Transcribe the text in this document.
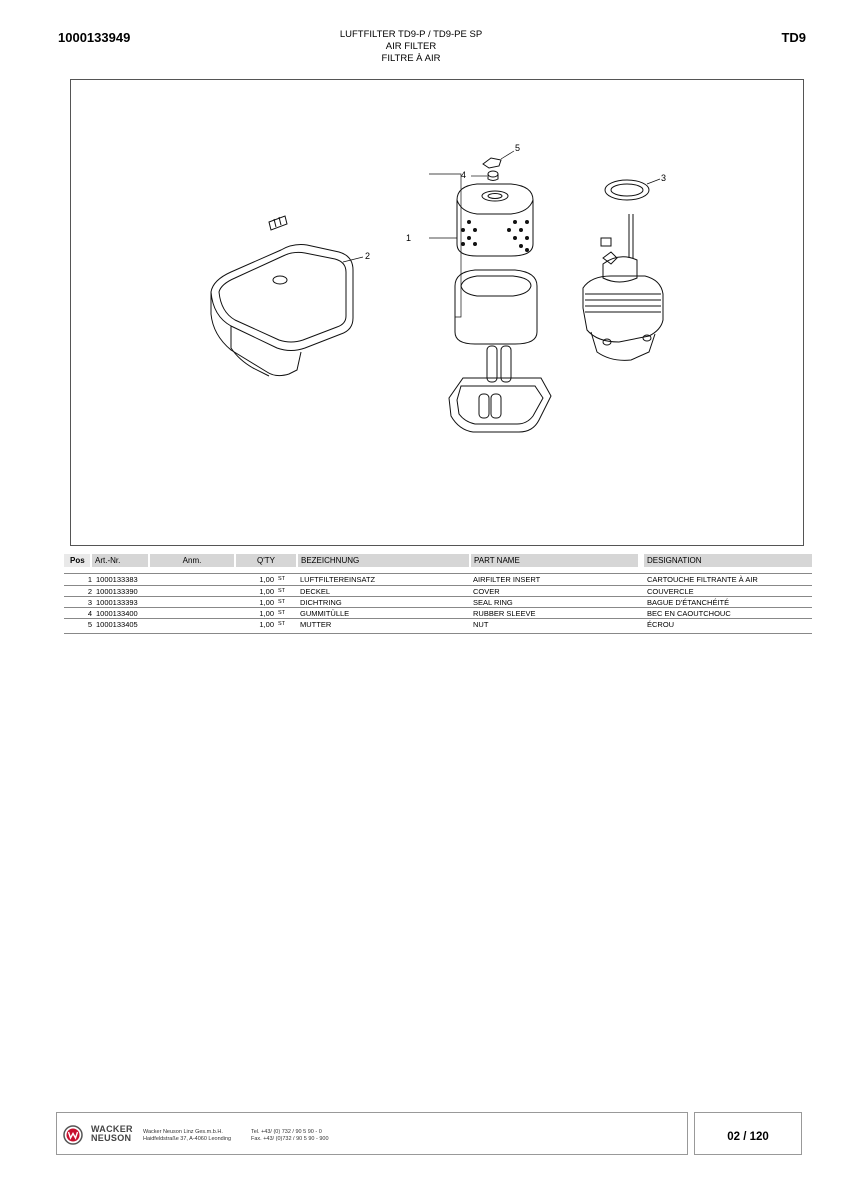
1000133949	LUFTFILTER TD9-P / TD9-PE SP
AIR FILTER
FILTRE À AIR
TD9
1
2
3
4
5
Pos	Art.-Nr.	Anm.	Q'TY	BEZEICHNUNG	PART NAME	DESIGNATION
1 1000133383	1,00 ST LUFTFILTEREINSATZ	AIRFILTER INSERT	CARTOUCHE FILTRANTE À AIR
2 1000133390	1,00 ST DECKEL	COVER	COUVERCLE
3 1000133393	1,00 ST DICHTRING	SEAL RING	BAGUE D'ÉTANCHÉITÉ
4 1000133400	1,00 ST GUMMITÜLLE	RUBBER SLEEVE	BEC EN CAOUTCHOUC
5 1000133405	1,00 ST MUTTER	NUT	ÉCROU
WACKER
NEUSON
Wacker Neuson Linz Ges.m.b.H.
Haidfeldstraße 37, A-4060 Leonding
Tel. +43/ (0) 732 / 90 5 90 - 0
Fax. +43/ (0)732 / 90 5 90 - 900	02 / 120
